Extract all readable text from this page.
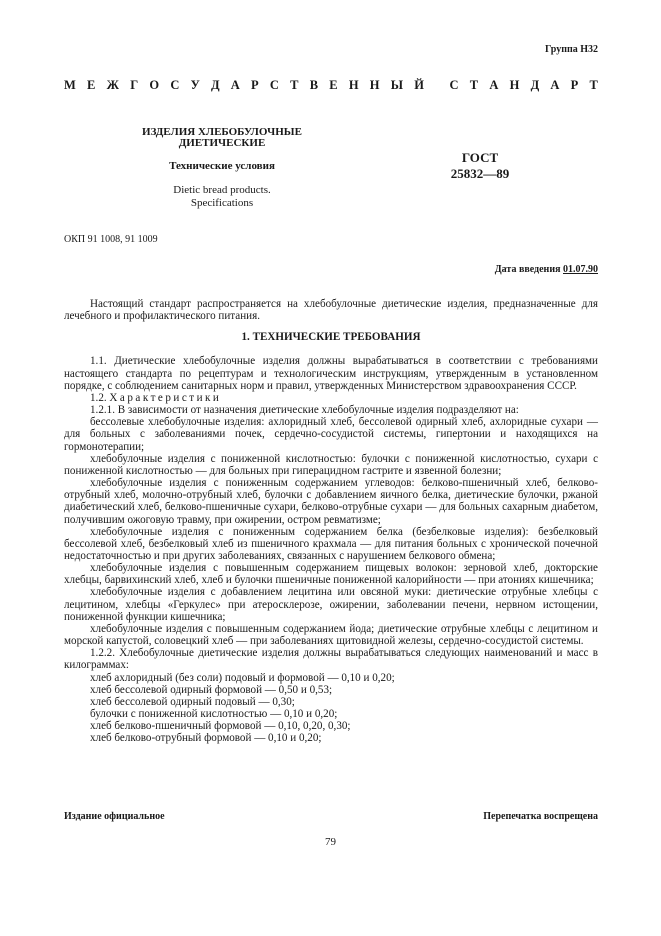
Группа Н32
М Е Ж Г О С У Д А Р С Т В Е Н Н Ы Й
С Т А Н Д А Р Т
ИЗДЕЛИЯ ХЛЕБОБУЛОЧНЫЕ
ДИЕТИЧЕСКИЕ
Технические условия
Dietic bread products.
Specifications
ГОСТ
25832—89
ОКП 91 1008, 91 1009
Дата введения 01.07.90

Настоящий стандарт распространяется на хлебобулочные диетические изделия, предназначенные для лечебного и профилактического питания.

1. ТЕХНИЧЕСКИЕ ТРЕБОВАНИЯ

1.1. Диетические хлебобулочные изделия должны вырабатываться в соответствии с требованиями настоящего стандарта по рецептурам и технологическим инструкциям, утвержденным в установленном порядке, с соблюдением санитарных норм и правил, утвержденных Министерством здравоохранения СССР.

1.2. Характеристики

1.2.1. В зависимости от назначения диетические хлебобулочные изделия подразделяют на:

бессолевые хлебобулочные изделия: ахлоридный хлеб, бессолевой одирный хлеб, ахлоридные сухари — для больных с заболеваниями почек, сердечно-сосудистой системы, гипертонии и находящихся на гормонотерапии;

хлебобулочные изделия с пониженной кислотностью: булочки с пониженной кислотностью, сухари с пониженной кислотностью — для больных при гиперацидном гастрите и язвенной болезни;

хлебобулочные изделия с пониженным содержанием углеводов: белково-пшеничный хлеб, белково-отрубный хлеб, молочно-отрубный хлеб, булочки с добавлением яичного белка, диетические булочки, ржаной диабетический хлеб, белково-пшеничные сухари, белково-отрубные сухари — для больных сахарным диабетом, получившим ожоговую травму, при ожирении, остром ревматизме;

хлебобулочные изделия с пониженным содержанием белка (безбелковые изделия): безбелковый бессолевой хлеб, безбелковый хлеб из пшеничного крахмала — для питания больных с хронической почечной недостаточностью и при других заболеваниях, связанных с нарушением белкового обмена;

хлебобулочные изделия с повышенным содержанием пищевых волокон: зерновой хлеб, докторские хлебцы, барвихинский хлеб, хлеб и булочки пшеничные пониженной калорийности — при атониях кишечника;

хлебобулочные изделия с добавлением лецитина или овсяной муки: диетические отрубные хлебцы с лецитином, хлебцы «Геркулес» при атеросклерозе, ожирении, заболевании печени, нервном истощении, пониженной функции кишечника;

хлебобулочные изделия с повышенным содержанием йода; диетические отрубные хлебцы с лецитином и морской капустой, соловецкий хлеб — при заболеваниях щитовидной железы, сердечно-сосудистой системы.

1.2.2. Хлебобулочные диетические изделия должны вырабатываться следующих наименований и масс в килограммах:

хлеб ахлоридный (без соли) подовый и формовой — 0,10 и 0,20;

хлеб бессолевой одирный формовой — 0,50 и 0,53;

хлеб бессолевой одирный подовый — 0,30;

булочки с пониженной кислотностью — 0,10 и 0,20;

хлеб белково-пшеничный формовой — 0,10, 0,20, 0,30;

хлеб белково-отрубный формовой — 0,10 и 0,20;

Издание официальное	Перепечатка воспрещена
79
